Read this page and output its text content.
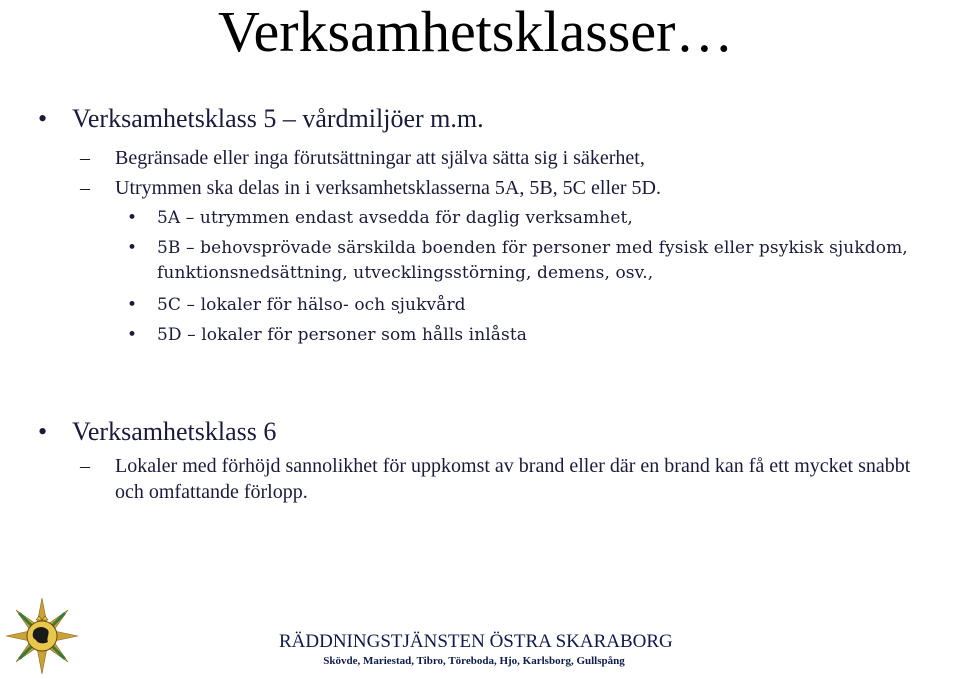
Verksamhetsklasser…
• Verksamhetsklass 5 – vårdmiljöer m.m.
– Begränsade eller inga förutsättningar att själva sätta sig i säkerhet,
– Utrymmen ska delas in i verksamhetsklasserna 5A, 5B, 5C eller 5D.
• 5A – utrymmen endast avsedda för daglig verksamhet,
• 5B – behovsprövade särskilda boenden för personer med fysisk eller psykisk sjukdom, funktionsnedsättning, utvecklingsstörning, demens, osv.,
• 5C – lokaler för hälso- och sjukvård
• 5D – lokaler för personer som hålls inlåsta
• Verksamhetsklass 6
– Lokaler med förhöjd sannolikhet för uppkomst av brand eller där en brand kan få ett mycket snabbt och omfattande förlopp.
RÄDDNINGSTJÄNSTEN ÖSTRA SKARABORG
Skövde, Mariestad, Tibro, Töreboda, Hjo, Karlsborg, Gullspång
